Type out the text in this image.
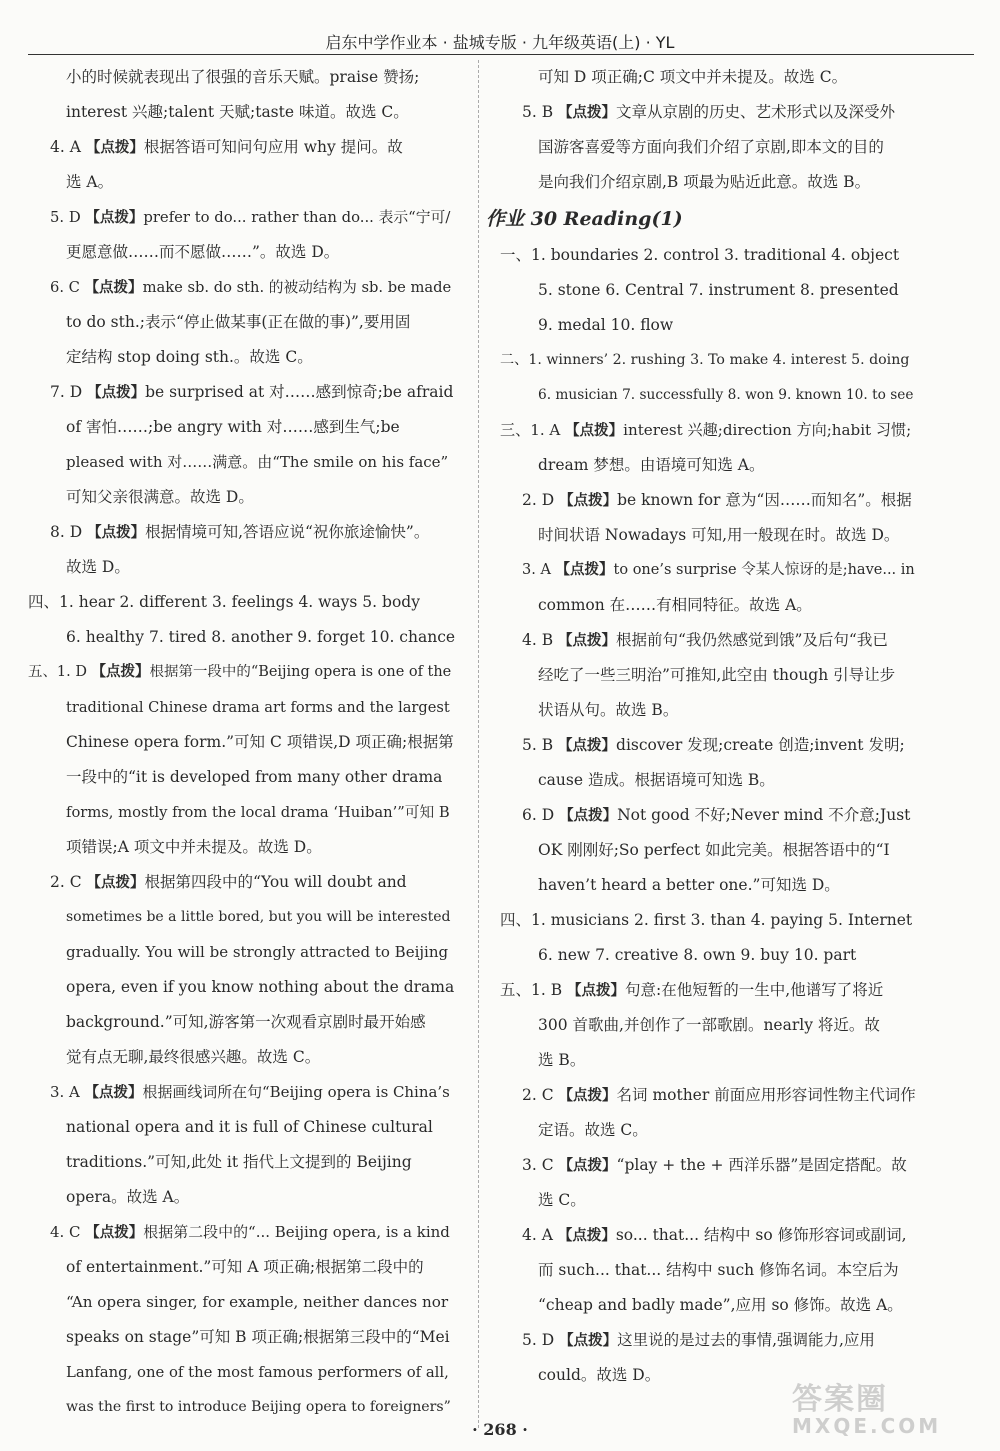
启东中学作业本 · 盐城专版 · 九年级英语(上) · YL
小的时候就表现出了很强的音乐天赋。praise 赞扬;
interest 兴趣;talent 天赋;taste 味道。故选 C。
4. A 【点拨】根据答语可知问句应用 why 提问。故
选 A。
5. D 【点拨】prefer to do... rather than do... 表示“宁可/
更愿意做……而不愿做……”。故选 D。
6. C 【点拨】make sb. do sth. 的被动结构为 sb. be made
to do sth.;表示“停止做某事(正在做的事)”,要用固
定结构 stop doing sth.。故选 C。
7. D 【点拨】be surprised at 对……感到惊奇;be afraid
of 害怕……;be angry with 对……感到生气;be
pleased with 对……满意。由“The smile on his face”
可知父亲很满意。故选 D。
8. D 【点拨】根据情境可知,答语应说“祝你旅途愉快”。
故选 D。
四、1. hear 2. different 3. feelings 4. ways 5. body
6. healthy 7. tired 8. another 9. forget 10. chance
五、1. D 【点拨】根据第一段中的“Beijing opera is one of the
traditional Chinese drama art forms and the largest
Chinese opera form.”可知 C 项错误,D 项正确;根据第
一段中的“it is developed from many other drama
forms, mostly from the local drama ‘Huiban’”可知 B
项错误;A 项文中并未提及。故选 D。
2. C 【点拨】根据第四段中的“You will doubt and
sometimes be a little bored, but you will be interested
gradually. You will be strongly attracted to Beijing
opera, even if you know nothing about the drama
background.”可知,游客第一次观看京剧时最开始感
觉有点无聊,最终很感兴趣。故选 C。
3. A 【点拨】根据画线词所在句“Beijing opera is China’s
national opera and it is full of Chinese cultural
traditions.”可知,此处 it 指代上文提到的 Beijing
opera。故选 A。
4. C 【点拨】根据第二段中的“... Beijing opera, is a kind
of entertainment.”可知 A 项正确;根据第二段中的
“An opera singer, for example, neither dances nor
speaks on stage”可知 B 项正确;根据第三段中的“Mei
Lanfang, one of the most famous performers of all,
was the first to introduce Beijing opera to foreigners”
可知 D 项正确;C 项文中并未提及。故选 C。
5. B 【点拨】文章从京剧的历史、艺术形式以及深受外
国游客喜爱等方面向我们介绍了京剧,即本文的目的
是向我们介绍京剧,B 项最为贴近此意。故选 B。
作业 30 Reading(1)
一、1. boundaries 2. control 3. traditional 4. object
5. stone 6. Central 7. instrument 8. presented
9. medal 10. flow
二、1. winners’ 2. rushing 3. To make 4. interest 5. doing
6. musician 7. successfully 8. won 9. known 10. to see
三、1. A 【点拨】interest 兴趣;direction 方向;habit 习惯;
dream 梦想。由语境可知选 A。
2. D 【点拨】be known for 意为“因……而知名”。根据
时间状语 Nowadays 可知,用一般现在时。故选 D。
3. A 【点拨】to one’s surprise 令某人惊讶的是;have... in
common 在……有相同特征。故选 A。
4. B 【点拨】根据前句“我仍然感觉到饿”及后句“我已
经吃了一些三明治”可推知,此空由 though 引导让步
状语从句。故选 B。
5. B 【点拨】discover 发现;create 创造;invent 发明;
cause 造成。根据语境可知选 B。
6. D 【点拨】Not good 不好;Never mind 不介意;Just
OK 刚刚好;So perfect 如此完美。根据答语中的“I
haven’t heard a better one.”可知选 D。
四、1. musicians 2. first 3. than 4. paying 5. Internet
6. new 7. creative 8. own 9. buy 10. part
五、1. B 【点拨】句意:在他短暂的一生中,他谱写了将近
300 首歌曲,并创作了一部歌剧。nearly 将近。故
选 B。
2. C 【点拨】名词 mother 前面应用形容词性物主代词作
定语。故选 C。
3. C 【点拨】“play + the + 西洋乐器”是固定搭配。故
选 C。
4. A 【点拨】so... that... 结构中 so 修饰形容词或副词,
而 such... that... 结构中 such 修饰名词。本空后为
“cheap and badly made”,应用 so 修饰。故选 A。
5. D 【点拨】这里说的是过去的事情,强调能力,应用
could。故选 D。
· 268 ·
答案圈
MXQE.COM
